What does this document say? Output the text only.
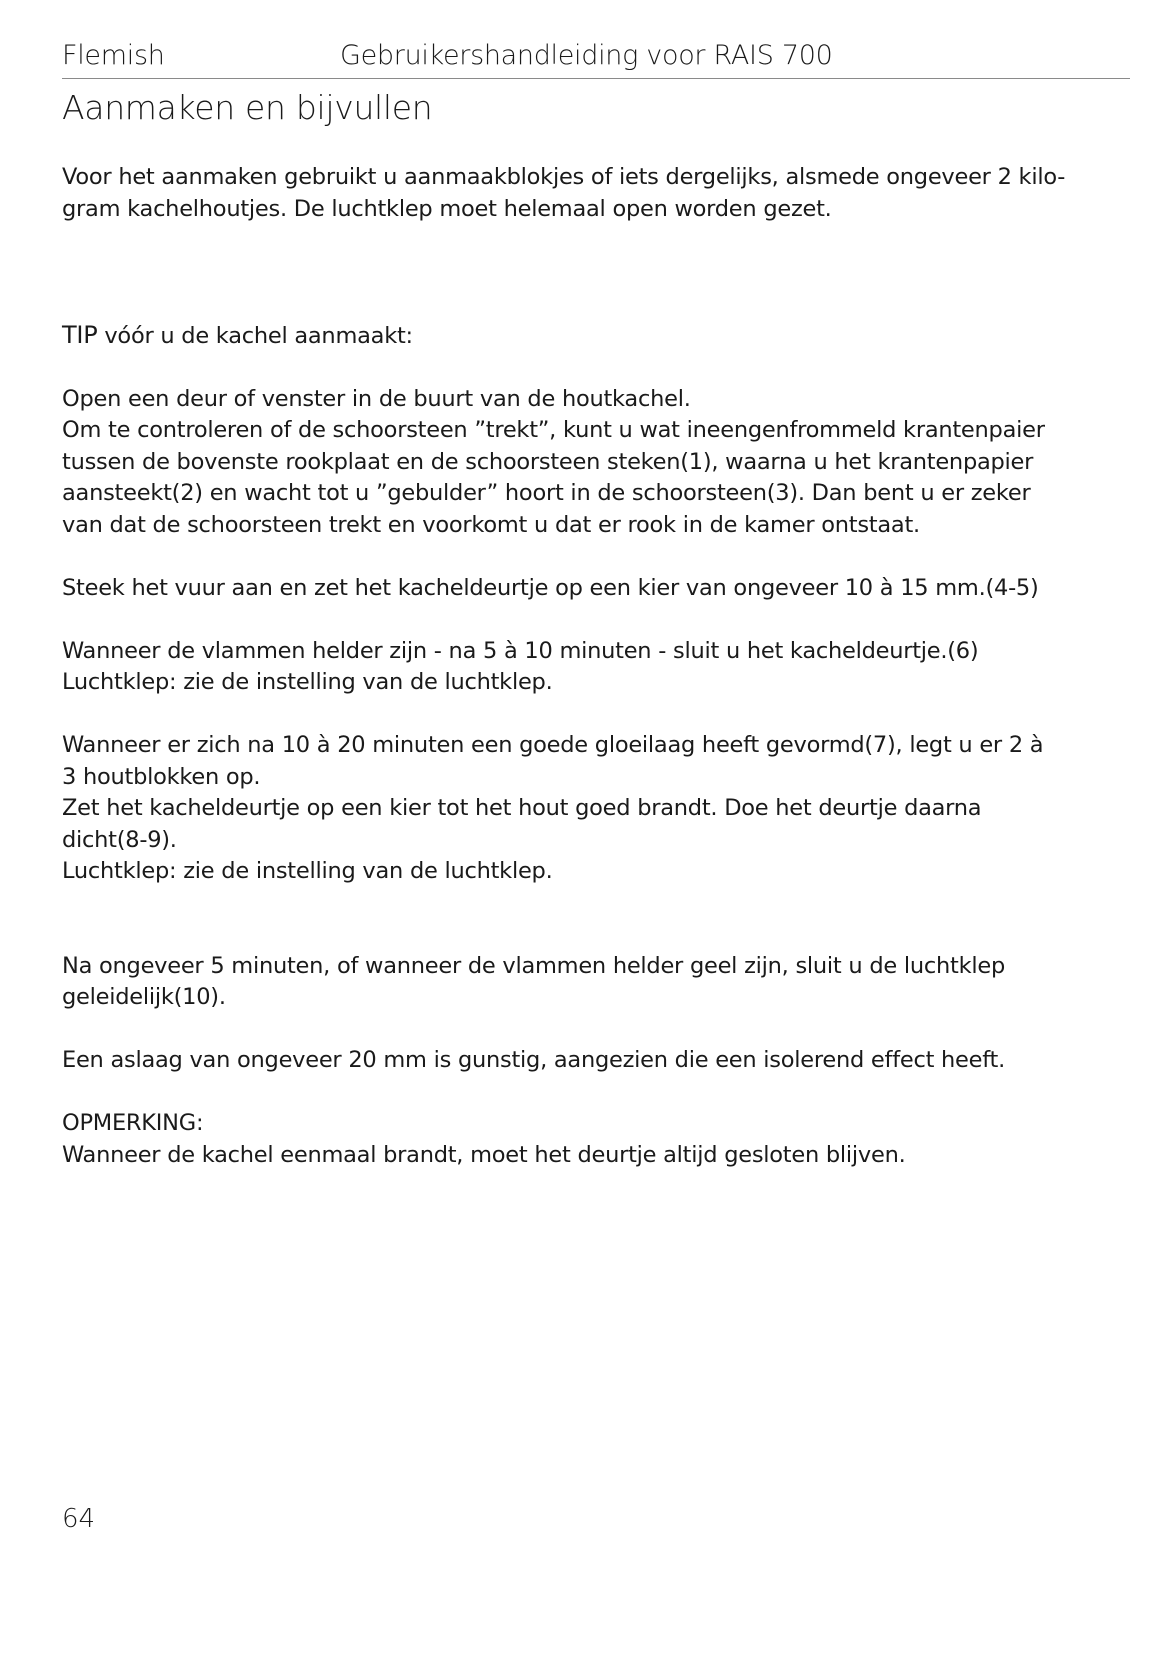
Flemish	Gebruikershandleiding voor RAIS 700
Aanmaken en bijvullen

Voor het aanmaken gebruikt u aanmaakblokjes of iets dergelijks, alsmede ongeveer 2 kilo-

gram kachelhoutjes. De luchtklep moet helemaal open worden gezet.

TIP vóór u de kachel aanmaakt:

Open een deur of venster in de buurt van de houtkachel.

Om te controleren of de schoorsteen ”trekt”, kunt u wat ineengenfrommeld krantenpaier

tussen de bovenste rookplaat en de schoorsteen steken(1), waarna u het krantenpapier

aansteekt(2) en wacht tot u ”gebulder” hoort in de schoorsteen(3). Dan bent u er zeker

van dat de schoorsteen trekt en voorkomt u dat er rook in de kamer ontstaat.

Steek het vuur aan en zet het kacheldeurtje op een kier van ongeveer 10 à 15 mm.(4-5)

Wanneer de vlammen helder zijn - na 5 à 10 minuten - sluit u het kacheldeurtje.(6)

Luchtklep: zie de instelling van de luchtklep.

Wanneer er zich na 10 à 20 minuten een goede gloeilaag heeft gevormd(7), legt u er 2 à

3 houtblokken op.

Zet het kacheldeurtje op een kier tot het hout goed brandt. Doe het deurtje daarna

dicht(8-9).

Luchtklep: zie de instelling van de luchtklep.

Na ongeveer 5 minuten, of wanneer de vlammen helder geel zijn, sluit u de luchtklep

geleidelijk(10).

Een aslaag van ongeveer 20 mm is gunstig, aangezien die een isolerend effect heeft.

OPMERKING:

Wanneer de kachel eenmaal brandt, moet het deurtje altijd gesloten blijven.

64
